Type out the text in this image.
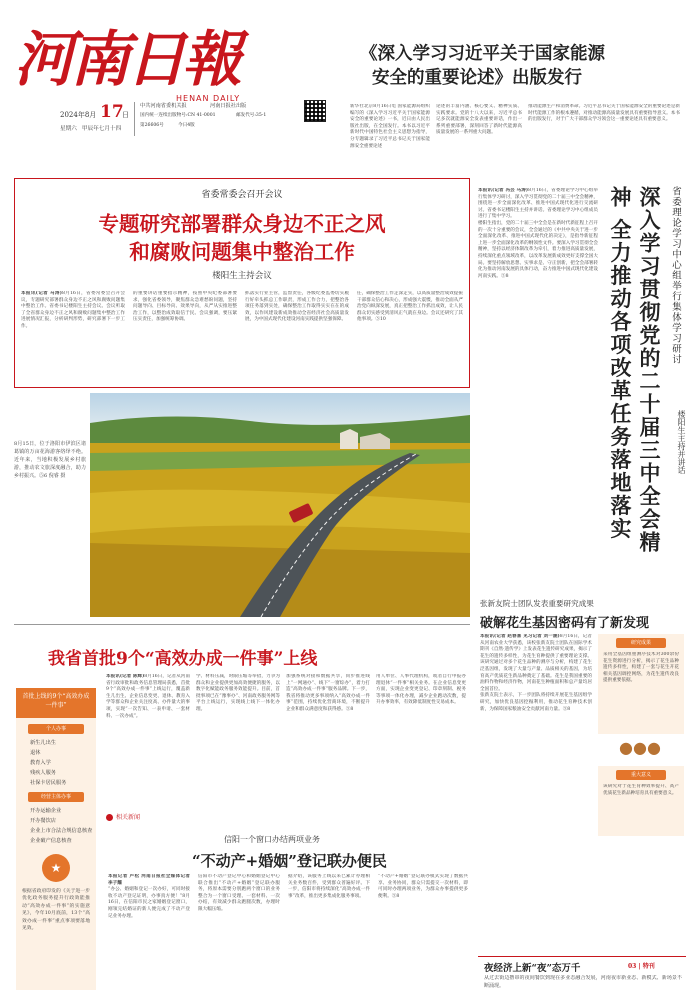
河南日報
HENAN DAILY
2024年8月 17
日
星期六 甲辰年七月十四
中共河南省委机关报	河南日报社出版
国内统一连续出版物号:CN 41-0001	邮发代号:35-1
第26606号	今日4版
《深入学习习近平关于国家能源
安全的重要论述》出版发行
新华社北京8月16日电 国家能源局组织编写的《深入学习习近平关于国家能源安全的重要论述》一书，近日由人民出版社出版，在全国发行。本书以习近平新时代中国特色社会主义思想为指导，分专题辑录了习近平总书记关于国家能源安全重要论述
论述的丰富内涵、核心要义、精神实质、实践要求。党的十八大以来，习近平总书记多次就能源安全发表重要讲话，作出一系列重要部署，深刻回答了新时代能源高质量发展的一系列重大问题。
推动能源生产和消费革命。习近平总书记关于国家能源安全的重要论述是新时代能源工作的根本遵循，对推动能源高质量发展具有重要指导意义。本书的出版发行，对于广大干部群众学习领会这一重要论述具有重要意义。
省委常委会召开会议
专题研究部署群众身边不正之风
和腐败问题集中整治工作
楼阳生主持会议
本报讯(记者 马涛)8月16日，省委常委会召开会议，专题研究部署群众身边不正之风和腐败问题集中整治工作。省委书记楼阳生主持会议。会议听取了全省群众身边不正之风和腐败问题集中整治工作进展情况汇报，分析研判形势，研究部署下一步工作。
的重要讲话重要指示精神，按照中央纪委部署要求，强化省委领导，聚焦群众急难愁盼问题，坚持问题导向、目标导向、效果导向，从严从实推进整治工作，以整治成效取信于民。会议强调，要压紧压实责任，加强统筹协调。
抓落实行业主管，监督责任，各级纪委监委切实履行好牵头抓总工作职责，形成工作合力，把整治各项任务落到实处，确保整治工作取得实实在在的成效，以作风建设新成效推动全省经济社会高质量发展，为中国式现代化建设河南实践提供坚强保障。
任，确保整治工作走深走实，以高质量整治成效提振干部群众信心和决心，形成强大震慑，推动全面从严治党向纵深发展，真正把整治工作抓出成效，让人民群众切实感受到清风正气就在身边。会议还研究了其他事项。⑤10
本报讯(记者 冯芸 马涛)8月16日，省委理论学习中心组举行集体学习研讨，深入学习贯彻党的二十届三中全会精神，围绕进一步全面深化改革、推进中国式现代化进行交流研讨。省委书记楼阳生主持并讲话。省委理论学习中心组成员进行了集中学习。
楼阳生指出，党的二十届三中全会是在新时代新征程上召开的一次十分重要的会议，全会通过的《中共中央关于进一步全面深化改革、推进中国式现代化的决定》，是指导新征程上进一步全面深化改革的纲领性文件。要深入学习贯彻全会精神，坚持以经济体制改革为牵引，着力推进高质量发展，持续深化重点领域改革，以改革发展新成效更好支撑全国大局。要坚持解放思想、实事求是、守正创新，把全会部署转化为推动河南发展的具体行动，奋力推进中国式现代化建设河南实践。⑤8	省委理论学习中心组举行集体学习研讨
深入学习贯彻党的二十届三中全会精神 全力推动各项改革任务落地落实	楼阳生主持并讲话
8月15日，位于洛阳市伊滨区诸葛镇的万亩花海游客络绎不绝。近年来，当地积极发展乡村旅游，推动农文旅深度融合，助力乡村振兴。⑤6 倪睿 摄
我省首批9个“高效办成一件事”上线
本报讯(记者 陈辉)8月16日，记者从河南省行政审批和政务信息管理局获悉，首批9个“高效办成一件事”上线运行，覆盖新生儿出生、企业信息变更、退休、教育入学等群众和企业关注度高、办件量大的事项，实现“一次告知、一表申请、一套材料、一次办成”。
学、材料压减，时限压缩等举措，力争为群众和企业提供更加高效便捷的服务，以数字化赋能政务服务效能提升。目前，首批事项已在“豫事办”、河南政务服务网等平台上线运行，实现线上线下一体化办理。
加强系统对接和数据共享，同步推进线上“一网通办”、线下“一窗综办”，着力打造“高效办成一件事”服务品牌。下一步，我省将推动更多事项纳入“高效办成一件事”范围，持续优化营商环境，不断提升企业和群众满意度和获得感。⑤8
用人单位、人事代理机构，或者自行申报办理退休“一件事”相关业务。在企业信息变更方面，实现企业变更登记、印章刻制、税务等事项一体化办理，减少企业跑动次数，提升办事效率，有效降低制度性交易成本。
首批上线的9个“高效办成一件事”
个人办事
新生儿出生
退休
教育入学
残疾人服务
社保卡居民服务
经营主体办事
开办运输企业
开办餐饮店
企业上市合法合规信息核查
企业破产信息核查
★
根据省政府印发的《关于进一步优化政务服务提升行政效能推动“高效办成一件事”的实施意见》，今年10月底前，13个“高效办成一件事”重点事项要落地见效。
相关新闻
信阳一个窗口办结两项业务
“不动产+婚姻”登记联办便民
本报记者 卢松 河南日报社全媒体记者 李子耀
“办公、婚姻和登记一次办好，可同时接收不动产登记证明，办事真方便！”8月16日，在信阳市民之家婚姻登记窗口，刚领完结婚证的新人便完成了不动产登记业务办理。
信阳市不动产登记中心和婚姻登记中心联合推出“不动产+婚姻”登记联办服务，将原本需要分别跑两个窗口的业务整合为一个窗口受理、一套材料、一次办结，有效减少群众跑腿次数，办理时限大幅压缩。
据介绍，该服务上线以来已累计办理相关业务数百件，受到群众普遍好评。下一步，信阳市将持续深化“高效办成一件事”改革，推出更多集成化服务事项。
“不动产+婚姻”登记联办模式实现了数据共享、业务协同，群众只需提交一次材料，即可同时办理两项业务，为群众办事提供更多便利。⑤8
张新友院士团队发表重要研究成果
破解花生基因密码有了新发现
本报讯(记者 赵春喜 见习记者 刘一涵)8月16日，记者从河南农业大学获悉，该校张新友院士团队在国际学术期刊《自然·遗传学》上发表花生遗传研究成果，揭示了花生的遗传多样性，为花生育种提供了重要理论支撑。该研究通过对多个花生品种的测序与分析，构建了花生泛基因组，发现了大量与产量、品质相关的基因，为培育高产优质花生新品种奠定了基础。花生是我国重要的油料作物和经济作物，河南花生种植面积和总产量均居全国首位。
张新友院士表示，下一步团队将持续开展花生基因组学研究，加快优良基因挖掘利用，推动花生育种技术创新，为保障国家粮油安全贡献河南力量。⑤8
研究成果
采用全基因组重测序技术对300余份花生资源进行分析，揭示了花生品种遗传多样性，构建了一套与花生开花相关基因调控网络，为花生遗传改良提供重要依据。
●●●
重大意义
该研究对于花生育种效率提升、高产优质花生新品种培育具有重要意义。
夜经济上新“夜”态万千	03 | 特刊
从过去街边撸串的夜间餐饮到现在多业态融合发展，河南夜市新业态、新模式、新场景不断涌现。
